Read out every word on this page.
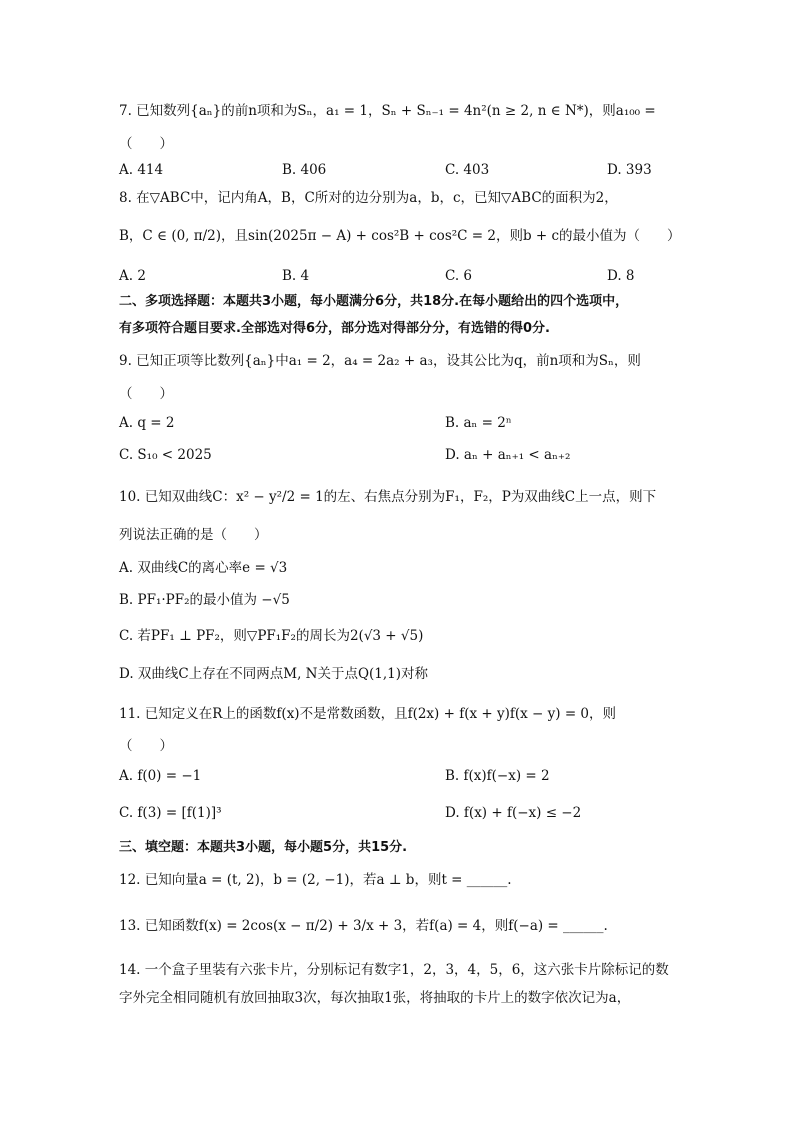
7. 已知数列{aₙ}的前n项和为Sₙ，a₁ = 1，Sₙ + Sₙ₋₁ = 4n²(n ≥ 2, n ∈ N*)，则a₁₀₀ =
（　　）
A. 414	B. 406	C. 403	D. 393
8. 在▽ABC中，记内角A，B，C所对的边分别为a，b，c，已知▽ABC的面积为2，
B，C ∈ (0, π/2)，且sin(2025π − A) + cos²B + cos²C = 2，则b + c的最小值为（　　）
A. 2	B. 4	C. 6	D. 8
二、多项选择题：本题共3小题，每小题满分6分，共18分.在每小题给出的四个选项中，
有多项符合题目要求.全部选对得6分，部分选对得部分分，有选错的得0分.
9. 已知正项等比数列{aₙ}中a₁ = 2，a₄ = 2a₂ + a₃，设其公比为q，前n项和为Sₙ，则
（　　）
A. q = 2	B. aₙ = 2ⁿ
C. S₁₀ < 2025	D. aₙ + aₙ₊₁ < aₙ₊₂
10. 已知双曲线C：x² − y²/2 = 1的左、右焦点分别为F₁，F₂，P为双曲线C上一点，则下
列说法正确的是（　　）
A. 双曲线C的离心率e = √3
B. PF₁·PF₂的最小值为 −√5
C. 若PF₁ ⊥ PF₂，则▽PF₁F₂的周长为2(√3 + √5)
D. 双曲线C上存在不同两点M, N关于点Q(1,1)对称
11. 已知定义在R上的函数f(x)不是常数函数，且f(2x) + f(x + y)f(x − y) = 0，则
（　　）
A. f(0) = −1	B. f(x)f(−x) = 2
C. f(3) = [f(1)]³	D. f(x) + f(−x) ≤ −2
三、填空题：本题共3小题，每小题5分，共15分.
12. 已知向量a = (t, 2)，b = (2, −1)，若a ⊥ b，则t = ______.
13. 已知函数f(x) = 2cos(x − π/2) + 3/x + 3，若f(a) = 4，则f(−a) = ______.
14. 一个盒子里装有六张卡片，分别标记有数字1，2，3，4，5，6，这六张卡片除标记的数
字外完全相同随机有放回抽取3次，每次抽取1张，将抽取的卡片上的数字依次记为a，
